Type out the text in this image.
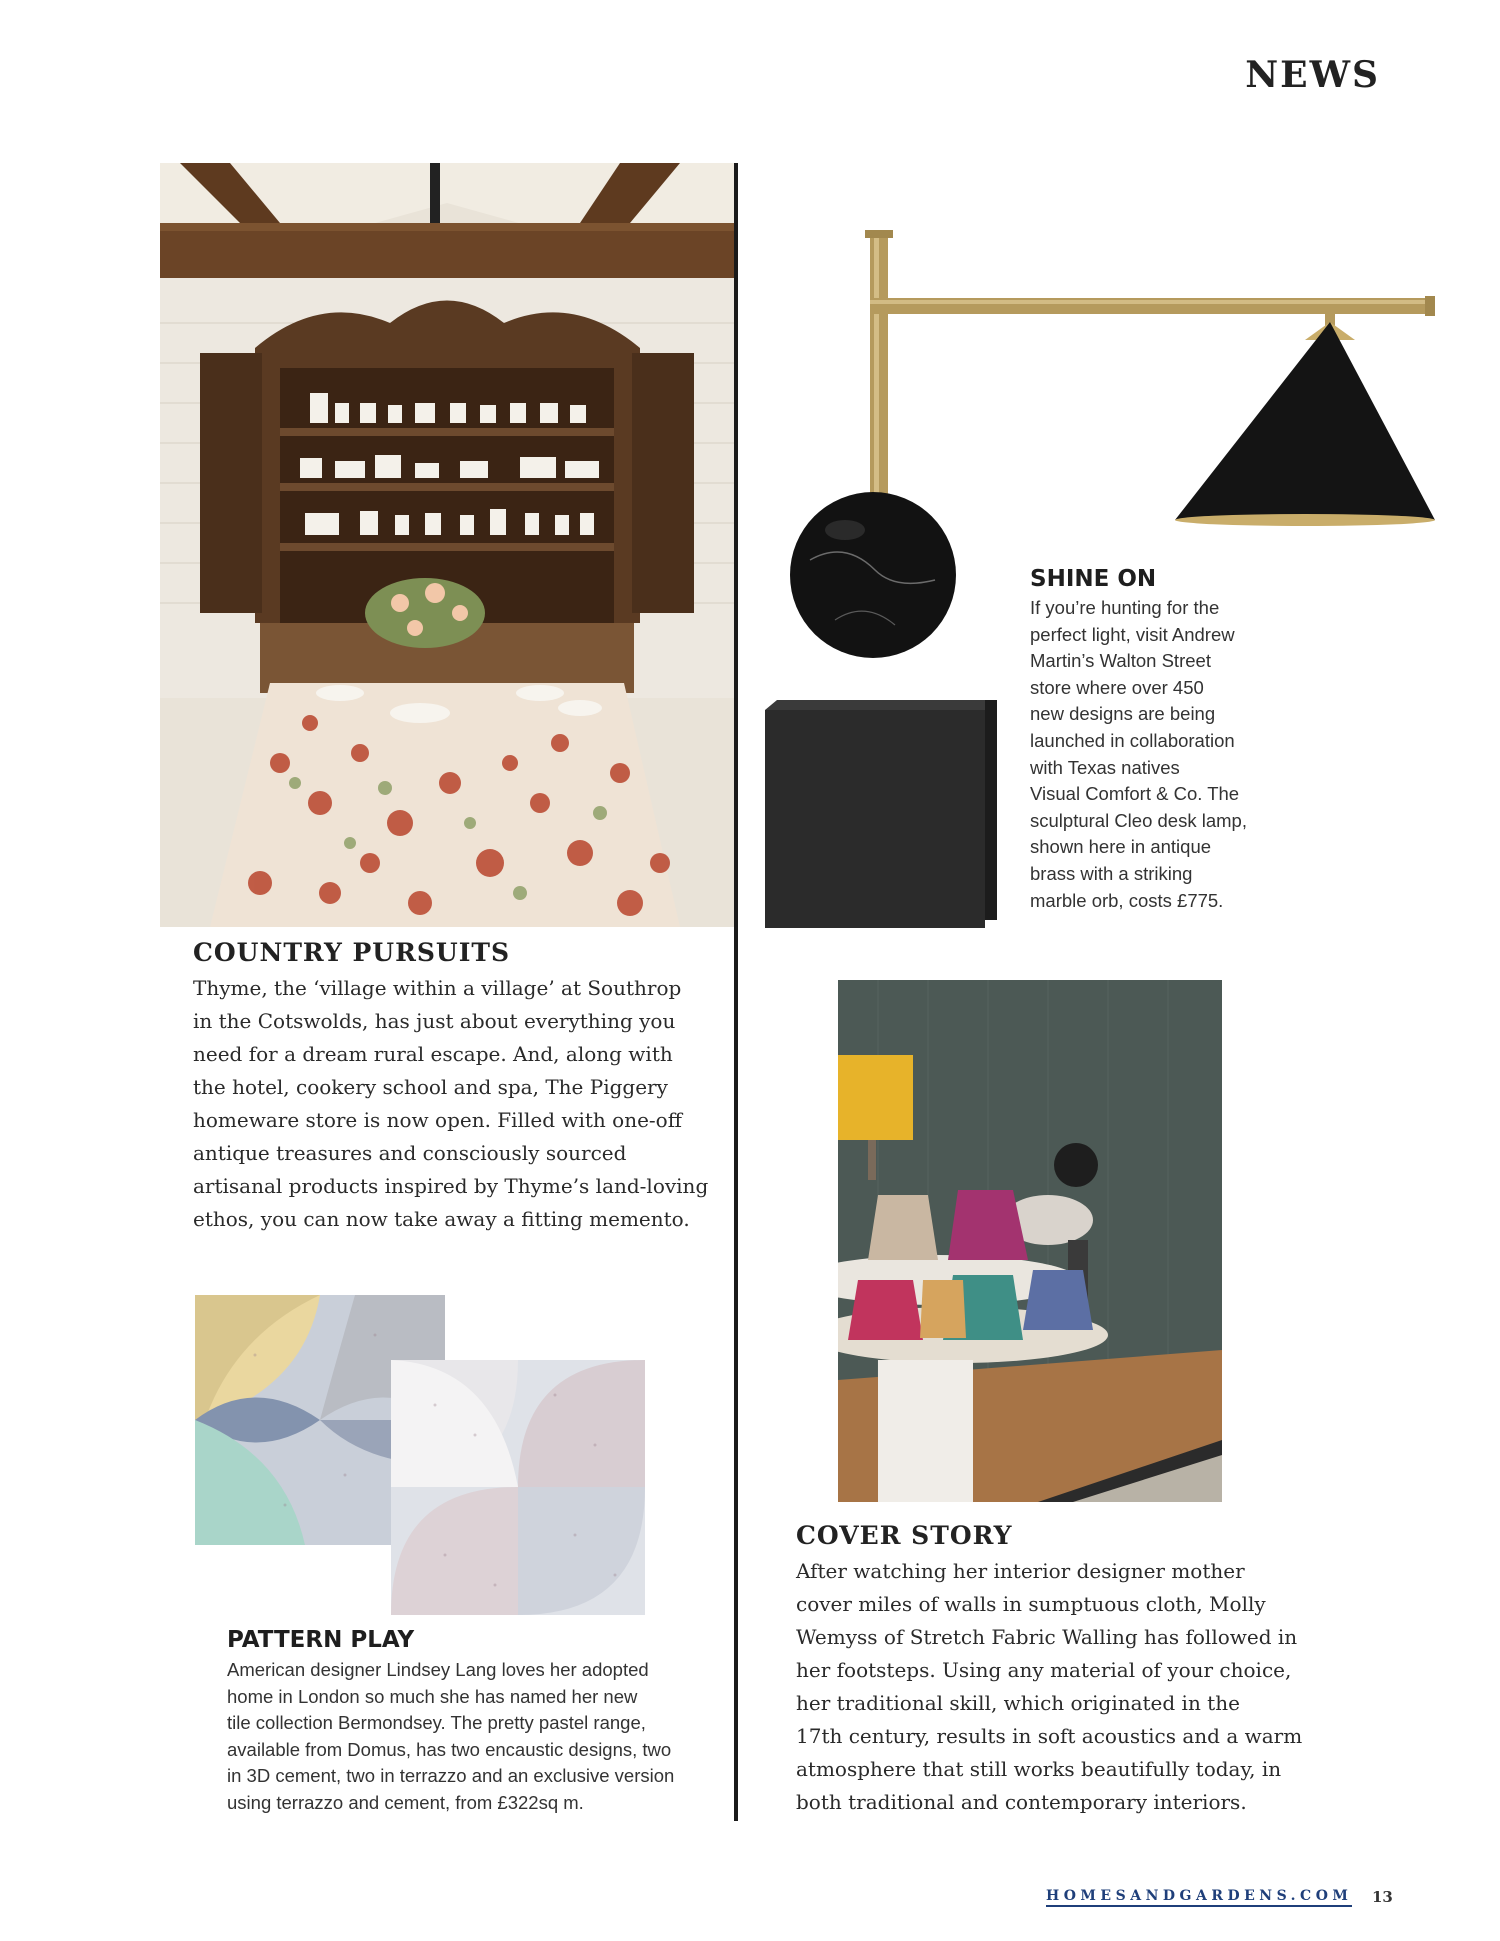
NEWS
COUNTRY PURSUITS

Thyme, the ‘village within a village’ at Southrop

in the Cotswolds, has just about everything you

need for a dream rural escape. And, along with

the hotel, cookery school and spa, The Piggery

homeware store is now open. Filled with one-off

antique treasures and consciously sourced

artisanal products inspired by Thyme’s land-loving

ethos, you can now take away a fitting memento.

PATTERN PLAY

American designer Lindsey Lang loves her adopted

home in London so much she has named her new

tile collection Bermondsey. The pretty pastel range,

available from Domus, has two encaustic designs, two

in 3D cement, two in terrazzo and an exclusive version

using terrazzo and cement, from £322sq m.

SHINE ON

If you’re hunting for the

perfect light, visit Andrew

Martin’s Walton Street

store where over 450

new designs are being

launched in collaboration

with Texas natives

Visual Comfort & Co. The

sculptural Cleo desk lamp,

shown here in antique

brass with a striking

marble orb, costs £775.

COVER STORY

After watching her interior designer mother

cover miles of walls in sumptuous cloth, Molly

Wemyss of Stretch Fabric Walling has followed in

her footsteps. Using any material of your choice,

her traditional skill, which originated in the

17th century, results in soft acoustics and a warm

atmosphere that still works beautifully today, in

both traditional and contemporary interiors.

HOMESANDGARDENS.COM 13
